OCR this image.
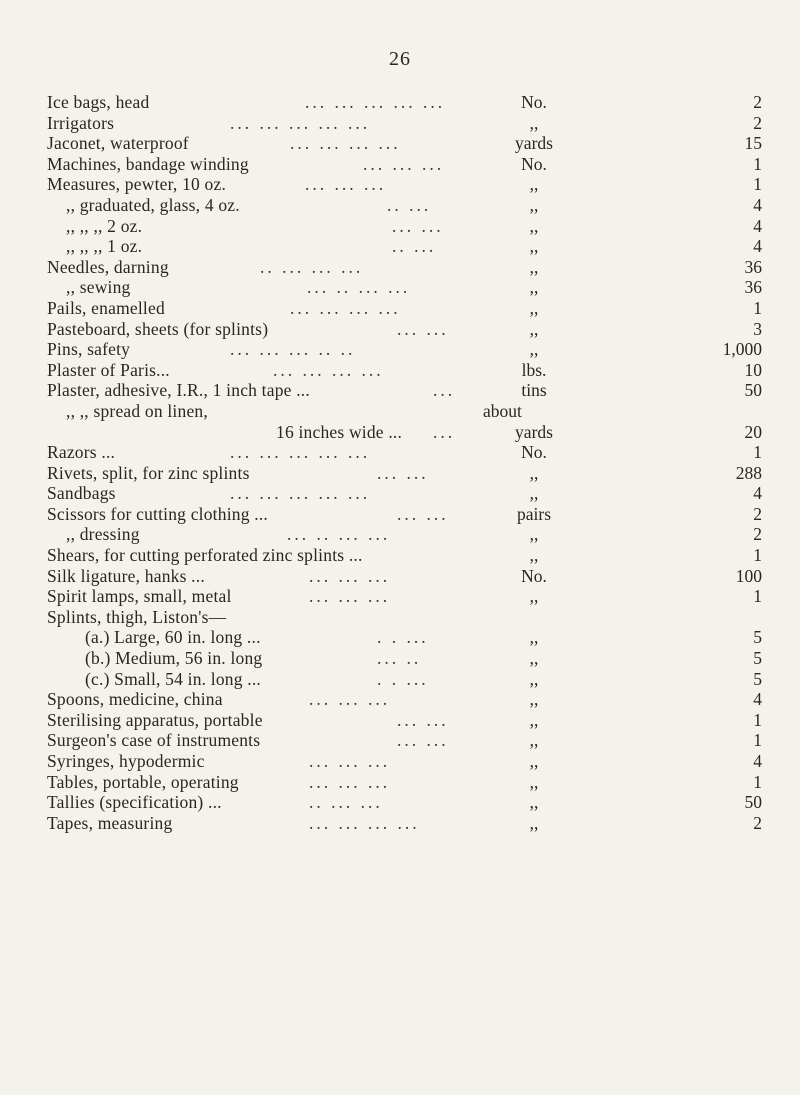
26
Ice bags, head	... ... ... ... ...	No.	2
Irrigators	... ... ... ... ...	,,	2
Jaconet, waterproof	... ... ... ...	yards	15
Machines, bandage winding	... ... ...	No.	1
Measures, pewter, 10 oz.	... ... ...	,,	1
,, graduated, glass, 4 oz.	.. ...	,,	4
,, ,, ,, 2 oz.	... ...	,,	4
,, ,, ,, 1 oz.	.. ...	,,	4
Needles, darning	.. ... ... ...	,,	36
,, sewing	... .. ... ...	,,	36
Pails, enamelled	... ... ... ...	,,	1
Pasteboard, sheets (for splints)	... ...	,,	3
Pins, safety	... ... ... .. ..	,,	1,000
Plaster of Paris...	... ... ... ...	lbs.	10
Plaster, adhesive, I.R., 1 inch tape ...	...	tins	50
,, ,, spread on linen,	about
16 inches wide ... ...	yards	20
Razors ...	... ... ... ... ...	No.	1
Rivets, split, for zinc splints	... ...	,,	288
Sandbags	... ... ... ... ...	,,	4
Scissors for cutting clothing ...	... ...	pairs	2
,, dressing	... .. ... ...	,,	2
Shears, for cutting perforated zinc splints ...	,,	1
Silk ligature, hanks ...	... ... ...	No.	100
Spirit lamps, small, metal	... ... ...	,,	1
Splints, thigh, Liston's—
(a.) Large, 60 in. long ...	. . ...	,,	5
(b.) Medium, 56 in. long	... ..	,,	5
(c.) Small, 54 in. long ...	. . ...	,,	5
Spoons, medicine, china	... ... ...	,,	4
Sterilising apparatus, portable	... ...	,,	1
Surgeon's case of instruments	... ...	,,	1
Syringes, hypodermic	... ... ...	,,	4
Tables, portable, operating	... ... ...	,,	1
Tallies (specification) ...	.. ... ...	,,	50
Tapes, measuring	... ... ... ...	,,	2
